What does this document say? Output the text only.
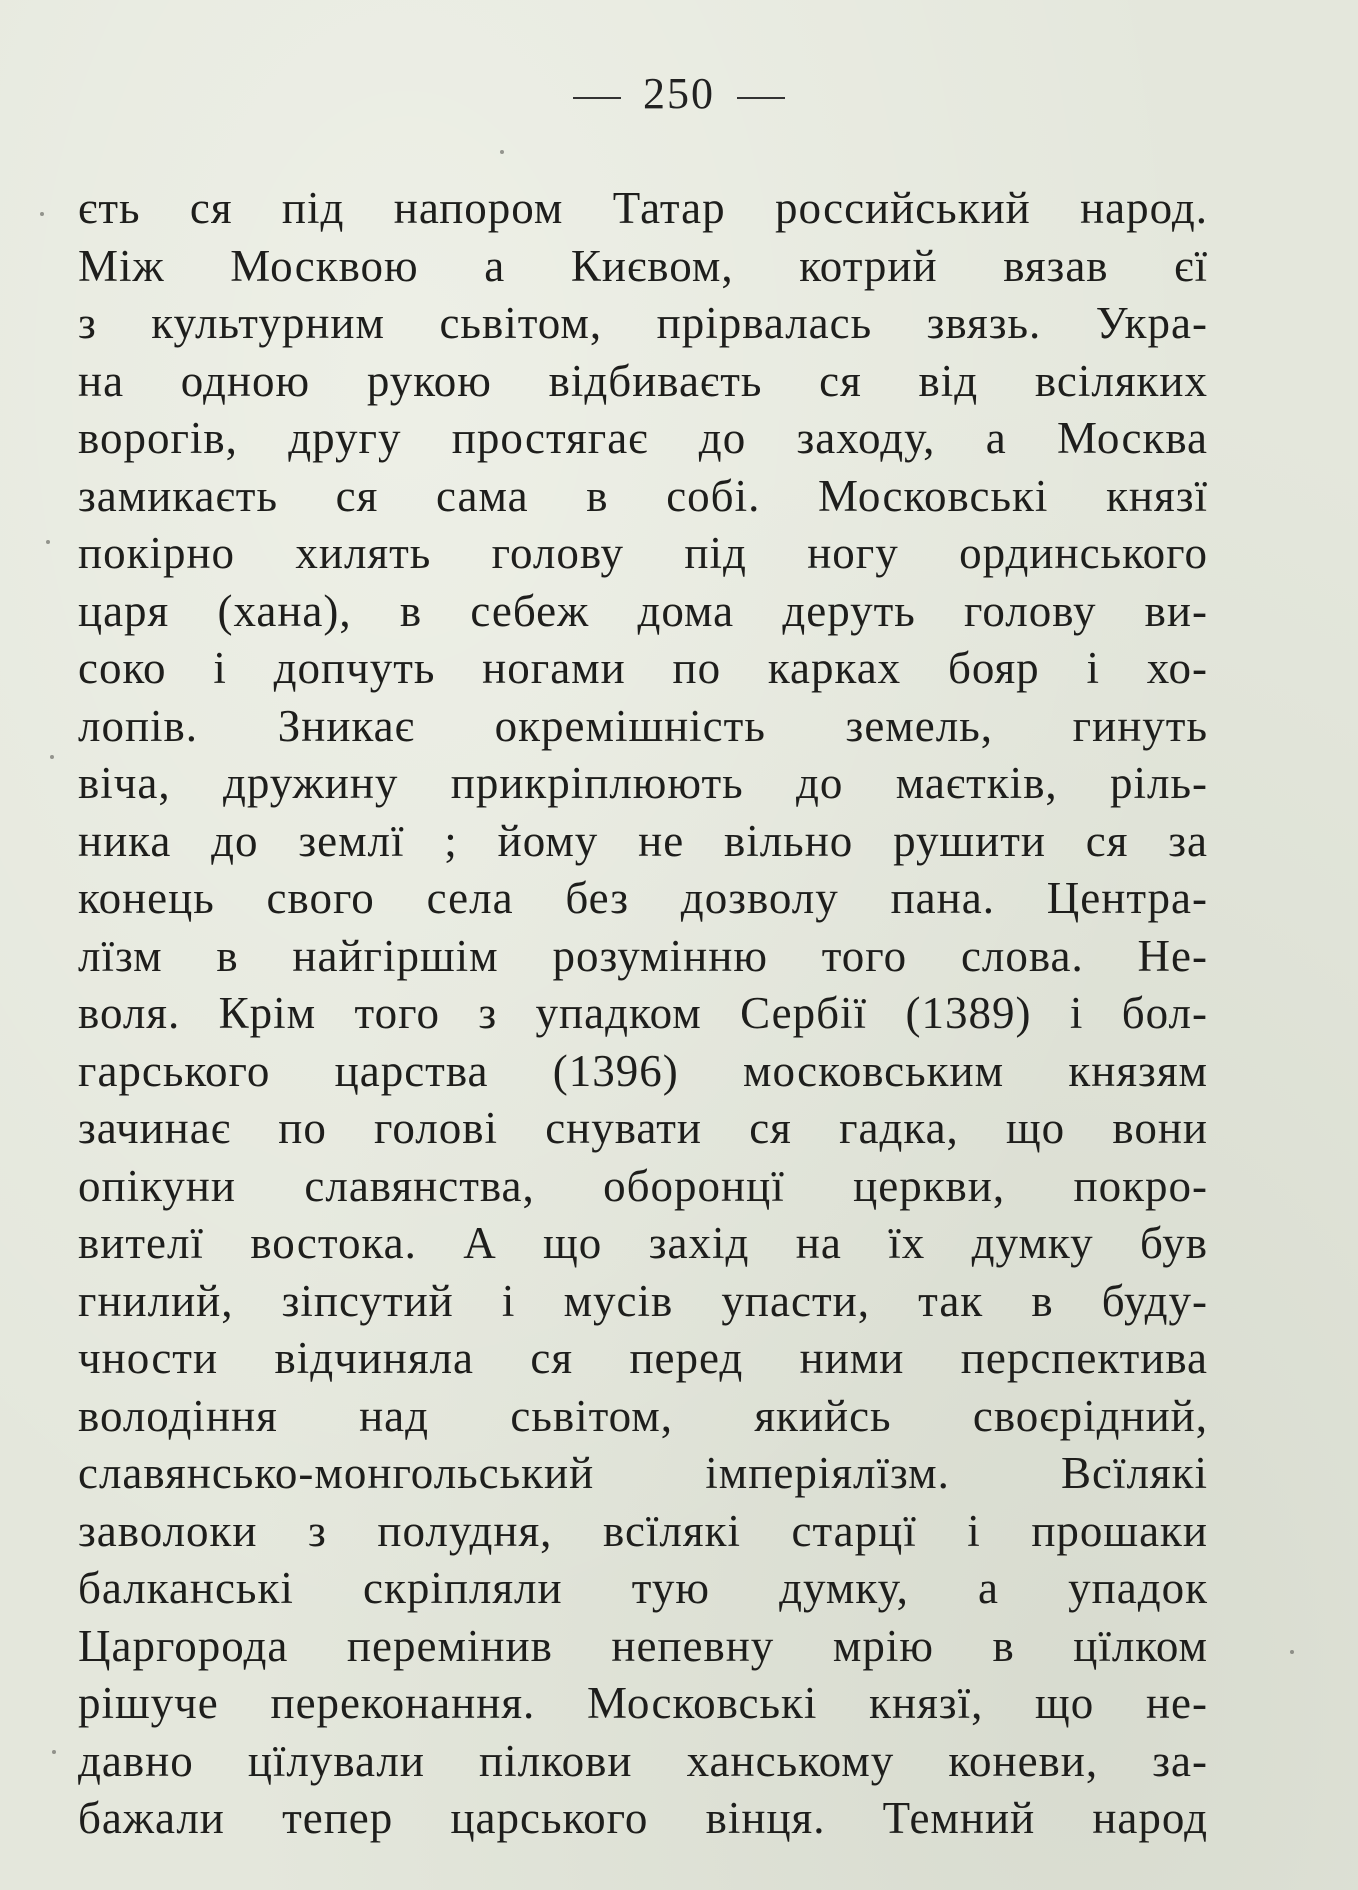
250
єть ся під напором Татар российський народ.
Між Москвою а Києвом, котрий вязав єї
з культурним сьвітом, прірвалась звязь. Укра-
на одною рукою відбиваєть ся від всіляких
ворогів, другу простягає до заходу, а Москва
замикаєть ся сама в собі. Московські князї
покірно хилять голову під ногу ординського
царя (хана), в себеж дома деруть голову ви-
соко і допчуть ногами по карках бояр і хо-
лопів. Зникає окремішність земель, гинуть
віча, дружину прикріплюють до маєтків, ріль-
ника до землї ; йому не вільно рушити ся за
конець свого села без дозволу пана. Центра-
лїзм в найгіршім розумінню того слова. Не-
воля. Крім того з упадком Сербії (1389) і бол-
гарського царства (1396) московським князям
зачинає по голові снувати ся гадка, що вони
опікуни славянства, оборонцї церкви, покро-
вителї востока. А що захід на їх думку був
гнилий, зіпсутий і мусів упасти, так в буду-
чности відчиняла ся перед ними перспектива
володіння над сьвітом, якийсь своєрідний,
славянсько-монгольський імперіялїзм. Всїлякі
заволоки з полудня, всїлякі старцї і прошаки
балканські скріпляли тую думку, а упадок
Царгорода перемінив непевну мрію в цїлком
рішуче переконання. Московські князї, що не-
давно цїлували пілкови ханському коневи, за-
бажали тепер царського вінця. Темний народ
